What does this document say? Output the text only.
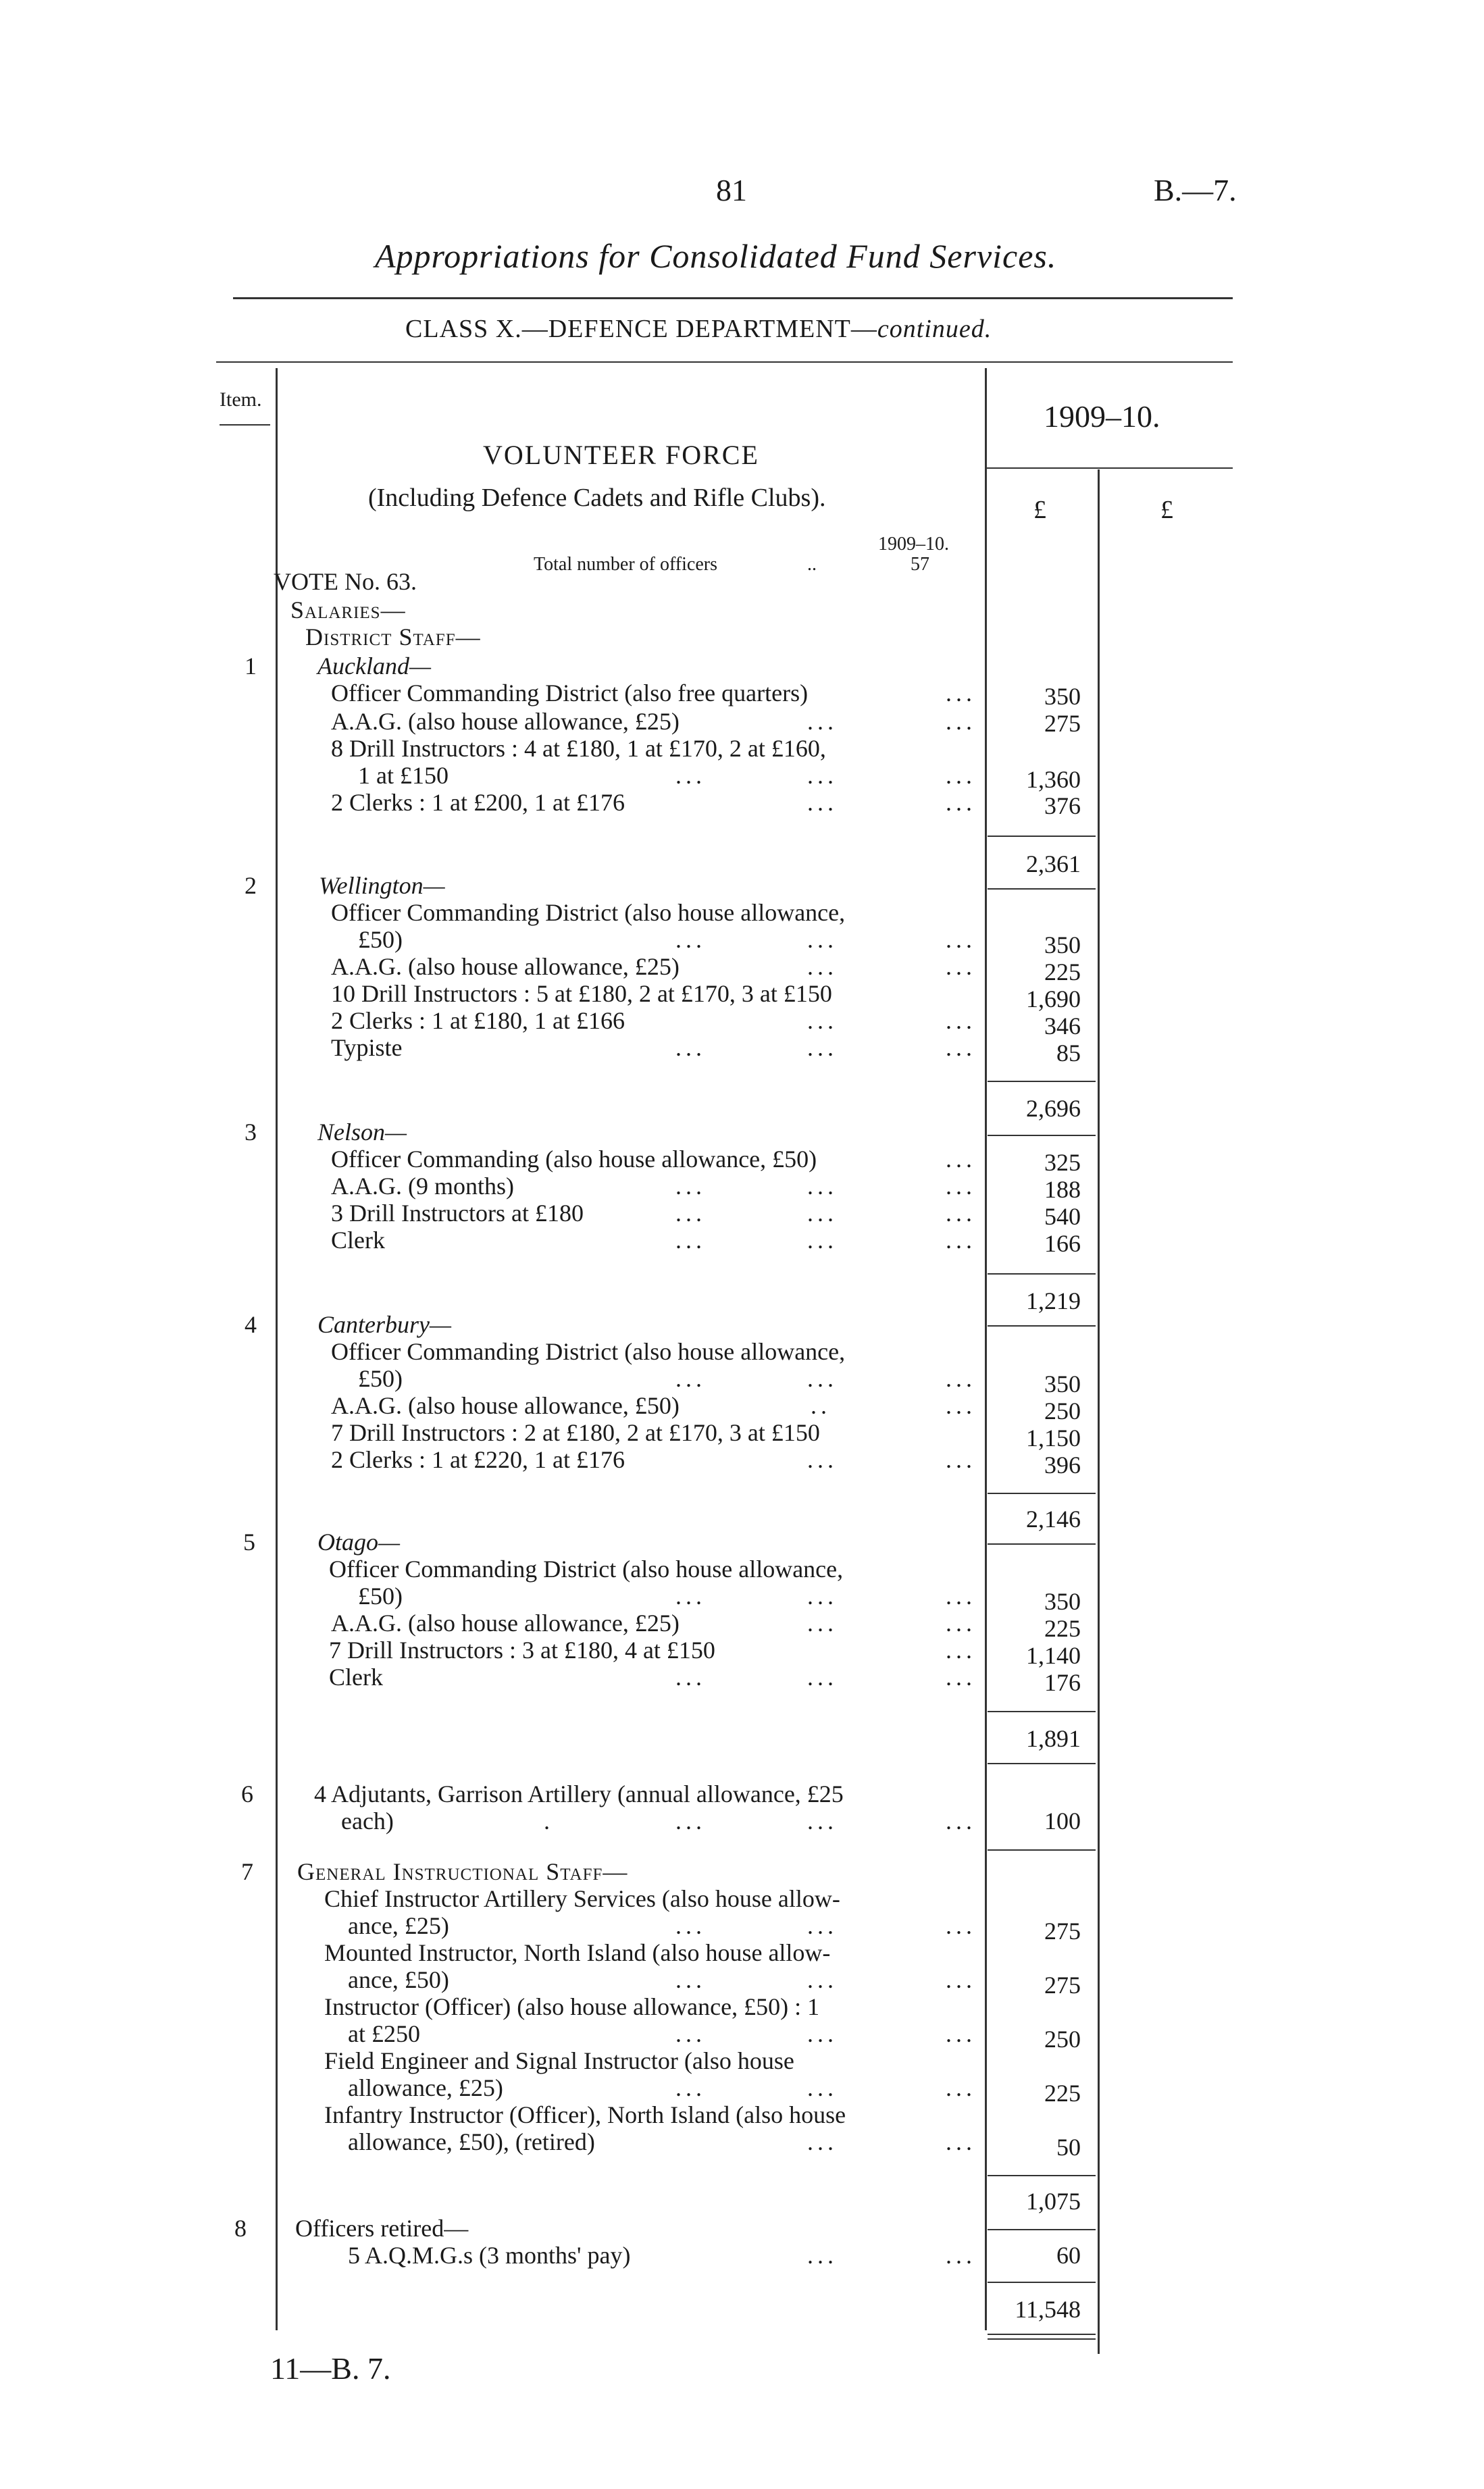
81	B.—7.
Appropriations for Consolidated Fund Services.
CLASS X.—DEFENCE DEPARTMENT—continued.
Item.	1909–10.
£	£
VOLUNTEER FORCE
(Including Defence Cadets and Rifle Clubs).
1909–10.
Total number of officers	..	57
VOTE No. 63.
Salaries—
District Staff—
1	Auckland—
Officer Commanding District (also free quarters)	...	350
A.A.G. (also house allowance, £25)	...	...	275
8 Drill Instructors : 4 at £180, 1 at £170, 2 at £160,
1 at £150	...	...	...	1,360
2 Clerks : 1 at £200, 1 at £176	...	...	376
2,361
2	Wellington—
Officer Commanding District (also house allowance,
£50)	...	...	...	350
A.A.G. (also house allowance, £25)	...	...	225
10 Drill Instructors : 5 at £180, 2 at £170, 3 at £150	1,690
2 Clerks : 1 at £180, 1 at £166	...	...	346
Typiste	...	...	...	85
2,696
3	Nelson—
Officer Commanding (also house allowance, £50)	...	325
A.A.G. (9 months)	...	...	...	188
3 Drill Instructors at £180	...	...	...	540
Clerk	...	...	...	166
1,219
4	Canterbury—
Officer Commanding District (also house allowance,
£50)	...	...	...	350
A.A.G. (also house allowance, £50)	..	...	250
7 Drill Instructors : 2 at £180, 2 at £170, 3 at £150	1,150
2 Clerks : 1 at £220, 1 at £176	...	...	396
2,146
5	Otago—
Officer Commanding District (also house allowance,
£50)	...	...	...	350
A.A.G. (also house allowance, £25)	...	...	225
7 Drill Instructors : 3 at £180, 4 at £150	...	1,140
Clerk	...	...	...	176
1,891
6	4 Adjutants, Garrison Artillery (annual allowance, £25
each)	.	...	...	...	100
7 General Instructional Staff—
Chief Instructor Artillery Services (also house allow-
ance, £25)	...	...	...	275
Mounted Instructor, North Island (also house allow-
ance, £50)	...	...	...	275
Instructor (Officer) (also house allowance, £50) : 1
at £250	...	...	...	250
Field Engineer and Signal Instructor (also house
allowance, £25)	...	...	...	225
Infantry Instructor (Officer), North Island (also house
allowance, £50), (retired)	...	...	50
1,075
8 Officers retired—
5 A.Q.M.G.s (3 months' pay)	...	...	60
11,548
11—B. 7.
